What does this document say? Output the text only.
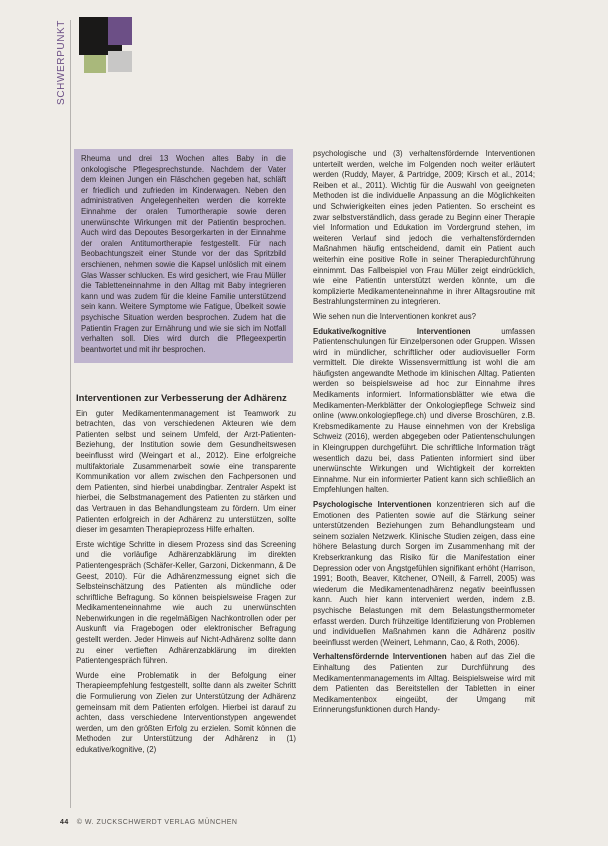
SCHWERPUNKT

Rheuma und drei 13 Wochen altes Baby in die onkologische Pflegesprechstunde. Nachdem der Vater dem kleinen Jungen ein Fläschchen gegeben hat, schläft er friedlich und zufrieden im Kinderwagen. Neben den administrativen Angelegenheiten werden die korrekte Einnahme der oralen Tumortherapie sowie deren unerwünschte Wirkungen mit der Patientin besprochen. Auch wird das Depoutes Besorgerkarten in der Einnahme der oralen Antitumortherapie festgestellt. Für nach Beobachtungszeit einer Stunde vor der das Spritzbild erschienen, nehmen sowie die Kapsel unlöslich mit einem Glas Wasser schlucken. Es wird gesichert, wie Frau Müller die Tabletteneinnahme in den Alltag mit Baby integrieren kann und was zudem für die kleine Familie unterstützend sein kann. Weitere Symptome wie Fatigue, Übelkeit sowie psychische Situation werden besprochen. Zudem hat die Patientin Fragen zur Ernährung und wie sie sich im Notfall verhalten soll. Dies wird durch die Pflegeexpertin beantwortet und mit ihr besprochen.

Interventionen zur Verbesserung der Adhärenz

Ein guter Medikamentenmanagement ist Teamwork zu betrachten, das von verschiedenen Akteuren wie dem Patienten selbst und seinem Umfeld, der Arzt-Patienten-Beziehung, der Institution sowie dem Gesundheitswesen beeinflusst wird (Weingart et al., 2012). Eine erfolgreiche multifaktoriale Zusammenarbeit sowie eine transparente Kommunikation vor allem zwischen den Fachpersonen und dem Patienten, sind hierbei unabdingbar. Zentraler Aspekt ist hierbei, die Selbstmanagement des Patienten zu stärken und das Vertrauen in das Behandlungsteam zu fördern. Um einer Patienten erfolgreich in der Adhärenz zu unterstützen, sollte dieser im gesamten Therapieprozess Hilfe erhalten.

Erste wichtige Schritte in diesem Prozess sind das Screening und die vorläufige Adhärenzabklärung im direkten Patientengespräch (Schäfer-Keller, Garzoni, Dickenmann, & De Geest, 2010). Für die Adhärenzmessung eignet sich die Selbsteinschätzung des Patienten als mündliche oder schriftliche Befragung. So können beispielsweise Fragen zur Medikamenteneinnahme wie auch zu unerwünschten Nebenwirkungen in die regelmäßigen Nachkontrollen oder per Auskunft via Fragebogen oder elektronischer Befragung gestellt werden. Jeder Hinweis auf Nicht-Adhärenz sollte dann zu einer vertieften Adhärenzabklärung im direkten Patientengespräch führen.

Wurde eine Problematik in der Befolgung einer Therapieempfehlung festgestellt, sollte dann als zweiter Schritt die Formulierung von Zielen zur Unterstützung der Adhärenz gemeinsam mit dem Patienten erfolgen. Hierbei ist darauf zu achten, dass verschiedene Interventionstypen angewendet werden, um den größten Erfolg zu erzielen. Somit können die Methoden zur Unterstützung der Adhärenz in (1) edukative/kognitive, (2)

psychologische und (3) verhaltensfördernde Interventionen unterteilt werden, welche im Folgenden noch weiter erläutert werden (Ruddy, Mayer, & Partridge, 2009; Kirsch et al., 2014; Reiben et al., 2011). Wichtig für die Auswahl von geeigneten Methoden ist die individuelle Anpassung an die Möglichkeiten und Schwierigkeiten eines jeden Patienten. So erscheint es zwar selbstverständlich, dass gerade zu Beginn einer Therapie viel Information und Edukation im Vordergrund stehen, im weiteren Verlauf sind jedoch die verhaltensfördernden Maßnahmen häufig entscheidend, damit ein Patient auch weiterhin eine positive Rolle in seiner Therapiedurchführung einnimmt. Das Fallbeispiel von Frau Müller zeigt eindrücklich, wie eine Patientin unterstützt werden könnte, um die komplizierte Medikamenteneinnahme in ihrer Alltagsroutine mit Bestrahlungsterminen zu integrieren.

Wie sehen nun die Interventionen konkret aus?

Edukative/kognitive Interventionen	umfassen Patientenschulungen für Einzelpersonen oder Gruppen. Wissen wird in mündlicher, schriftlicher oder audiovisueller Form vermittelt. Die direkte Wissensvermittlung ist wohl die am häufigsten angewandte Methode im klinischen Alltag. Patienten werden so beispielsweise ad hoc zur Einnahme ihres Medikaments informiert. Informationsblätter wie etwa die Medikamenten-Merkblätter der Onkologiepflege Schweiz sind online (www.onkologiepflege.ch) und diverse Broschüren, z.B. Krebsmedikamente zu Hause einnehmen von der Krebsliga Schweiz (2016), werden abgegeben oder Patientenschulungen in Kleingruppen durchgeführt. Die schriftliche Information trägt wesentlich dazu bei, dass Patienten informiert sind über unerwünschte Wirkungen und Wichtigkeit der korrekten Einnahme. Nur ein informierter Patient kann sich schließlich an Empfehlungen halten.

Psychologische Interventionen konzentrieren sich auf die Emotionen des Patienten sowie auf die Stärkung seiner unterstützenden Beziehungen zum Behandlungsteam und seinem sozialen Netzwerk. Klinische Studien zeigen, dass eine höhere Belastung durch Sorgen im Zusammenhang mit der Krebserkrankung das Risiko für die Manifestation einer Depression oder von Ängstgefühlen signifikant erhöht (Harrison, 1991; Booth, Beaver, Kitchener, O'Neill, & Farrell, 2005) was wiederum die Medikamentenadhärenz negativ beeinflussen kann. Auch hier kann interveniert werden, indem z.B. psychische Belastungen mit dem Belastungsthermometer erfasst werden. Durch frühzeitige Identifizierung von Problemen und individuellen Maßnahmen kann die Adhärenz positiv beeinflusst werden (Weinert, Lehmann, Cao, & Roth, 2006).

Verhaltensfördernde Interventionen haben auf das Ziel die Einhaltung des Patienten zur Durchführung des Medikamentenmanagements im Alltag. Beispielsweise wird mit dem Patienten das Bereitstellen der Tabletten in einer Medikamentenbox eingeübt, der Umgang mit Erinnerungsfunktionen durch Handy-

44 © W. ZUCKSCHWERDT VERLAG MÜNCHEN
